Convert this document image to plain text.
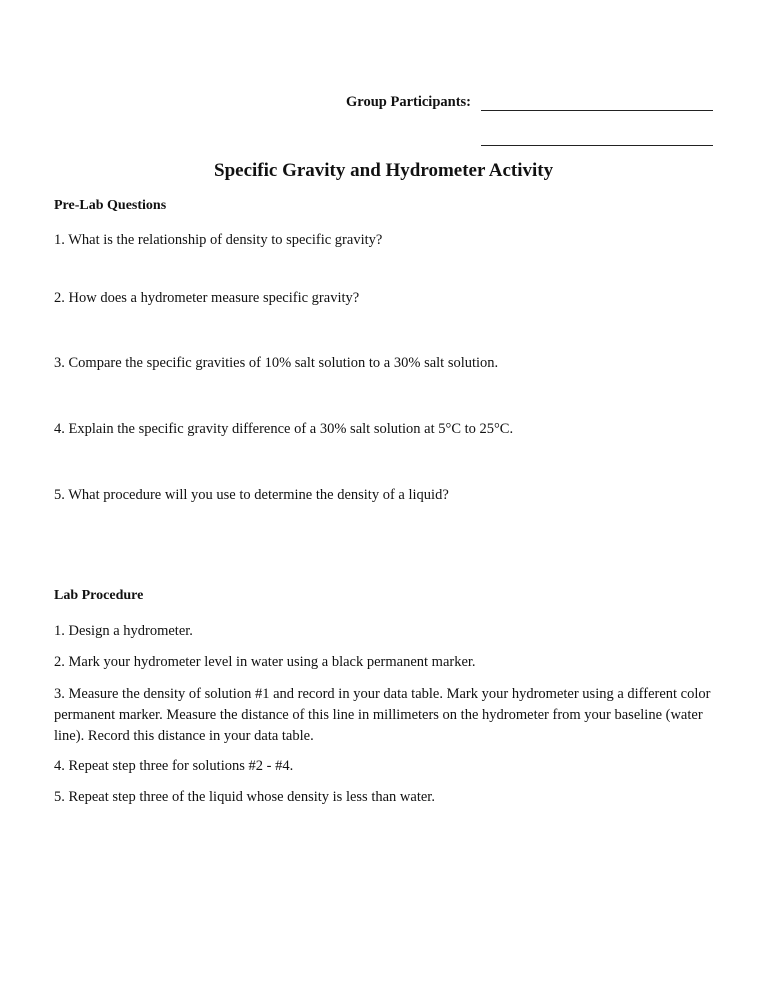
Group Participants:
Specific Gravity and Hydrometer Activity
Pre-Lab Questions
1. What is the relationship of density to specific gravity?
2. How does a hydrometer measure specific gravity?
3. Compare the specific gravities of 10% salt solution to a 30% salt solution.
4. Explain the specific gravity difference of a 30% salt solution at 5°C to 25°C.
5. What procedure will you use to determine the density of a liquid?
Lab Procedure
1. Design a hydrometer.
2. Mark your hydrometer level in water using a black permanent marker.
3. Measure the density of solution #1 and record in your data table. Mark your hydrometer using a different color permanent marker. Measure the distance of this line in millimeters on the hydrometer from your baseline (water line). Record this distance in your data table.
4. Repeat step three for solutions #2 - #4.
5. Repeat step three of the liquid whose density is less than water.
